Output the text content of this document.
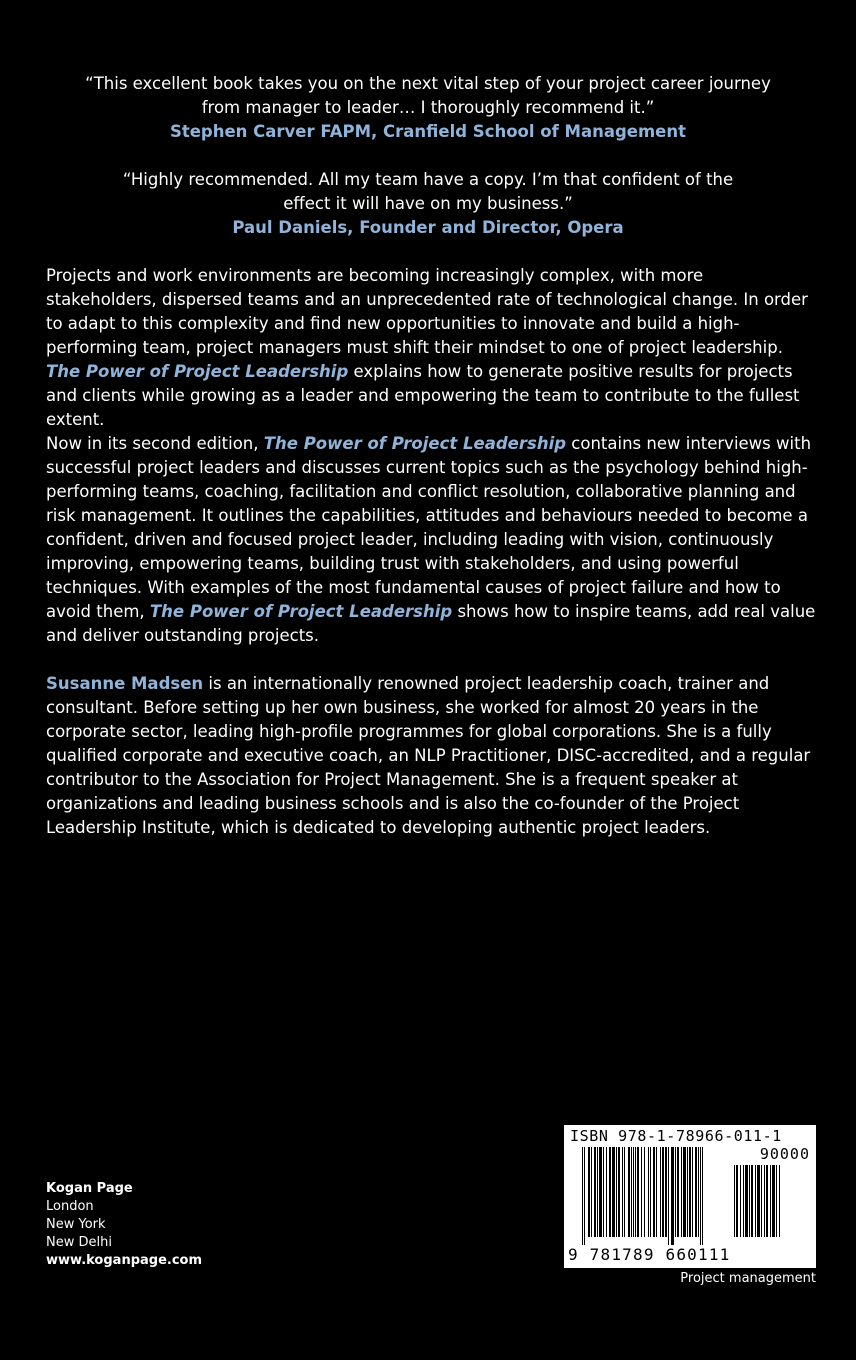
“This excellent book takes you on the next vital step of your project career journey
from manager to leader… I thoroughly recommend it.”
Stephen Carver FAPM, Cranfield School of Management
“Highly recommended. All my team have a copy. I’m that confident of the
effect it will have on my business.”
Paul Daniels, Founder and Director, Opera

Projects and work environments are becoming increasingly complex, with more stakeholders, dispersed teams and an unprecedented rate of technological change. In order to adapt to this complexity and find new opportunities to innovate and build a high-performing team, project managers must shift their mindset to one of project leadership. The Power of Project Leadership explains how to generate positive results for projects and clients while growing as a leader and empowering the team to contribute to the fullest extent.

Now in its second edition, The Power of Project Leadership contains new interviews with successful project leaders and discusses current topics such as the psychology behind high-performing teams, coaching, facilitation and conflict resolution, collaborative planning and risk management. It outlines the capabilities, attitudes and behaviours needed to become a confident, driven and focused project leader, including leading with vision, continuously improving, empowering teams, building trust with stakeholders, and using powerful techniques. With examples of the most fundamental causes of project failure and how to avoid them, The Power of Project Leadership shows how to inspire teams, add real value and deliver outstanding projects.

Susanne Madsen is an internationally renowned project leadership coach, trainer and consultant. Before setting up her own business, she worked for almost 20 years in the corporate sector, leading high-profile programmes for global corporations. She is a fully qualified corporate and executive coach, an NLP Practitioner, DISC-accredited, and a regular contributor to the Association for Project Management. She is a frequent speaker at organizations and leading business schools and is also the co-founder of the Project Leadership Institute, which is dedicated to developing authentic project leaders.

Kogan Page
London
New York
New Delhi
www.koganpage.com
ISBN 978-1-78966-011-1
90000
9 781789 660111
Project management
